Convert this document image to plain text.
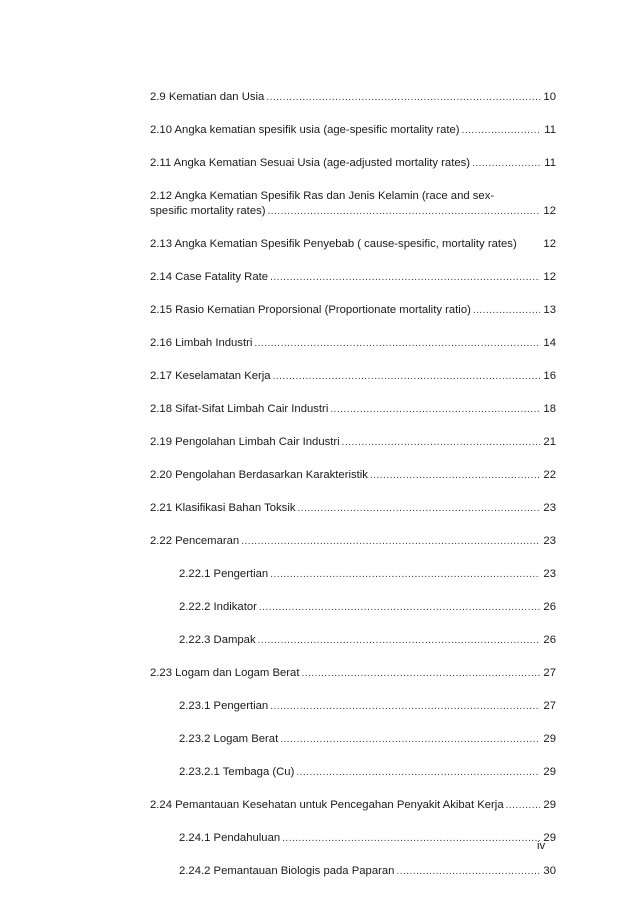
2.9 Kematian dan Usia .....	10
2.10 Angka kematian spesifik usia (age-spesific mortality rate) .....	11
2.11 Angka Kematian Sesuai Usia (age-adjusted mortality rates) .....	11
2.12 Angka Kematian Spesifik Ras dan Jenis Kelamin (race and sex-
spesific mortality rates) .....	12
2.13 Angka Kematian Spesifik Penyebab ( cause-spesific, mortality rates) 12
2.14 Case Fatality Rate .....	12
2.15 Rasio Kematian Proporsional (Proportionate mortality ratio) .....	13
2.16 Limbah Industri .....	14
2.17 Keselamatan Kerja .....	16
2.18 Sifat-Sifat Limbah Cair Industri .....	18
2.19 Pengolahan Limbah Cair Industri .....	21
2.20 Pengolahan Berdasarkan Karakteristik .....	22
2.21 Klasifikasi Bahan Toksik .....	23
2.22 Pencemaran .....	23
2.22.1 Pengertian .....	23
2.22.2 Indikator .....	26
2.22.3 Dampak .....	26
2.23 Logam dan Logam Berat .....	27
2.23.1 Pengertian .....	27
2.23.2 Logam Berat .....	29
2.23.2.1 Tembaga (Cu) .....	29
2.24 Pemantauan Kesehatan untuk Pencegahan Penyakit Akibat Kerja .....	29
2.24.1 Pendahuluan .....	29
2.24.2 Pemantauan Biologis pada Paparan .....	30
iv
